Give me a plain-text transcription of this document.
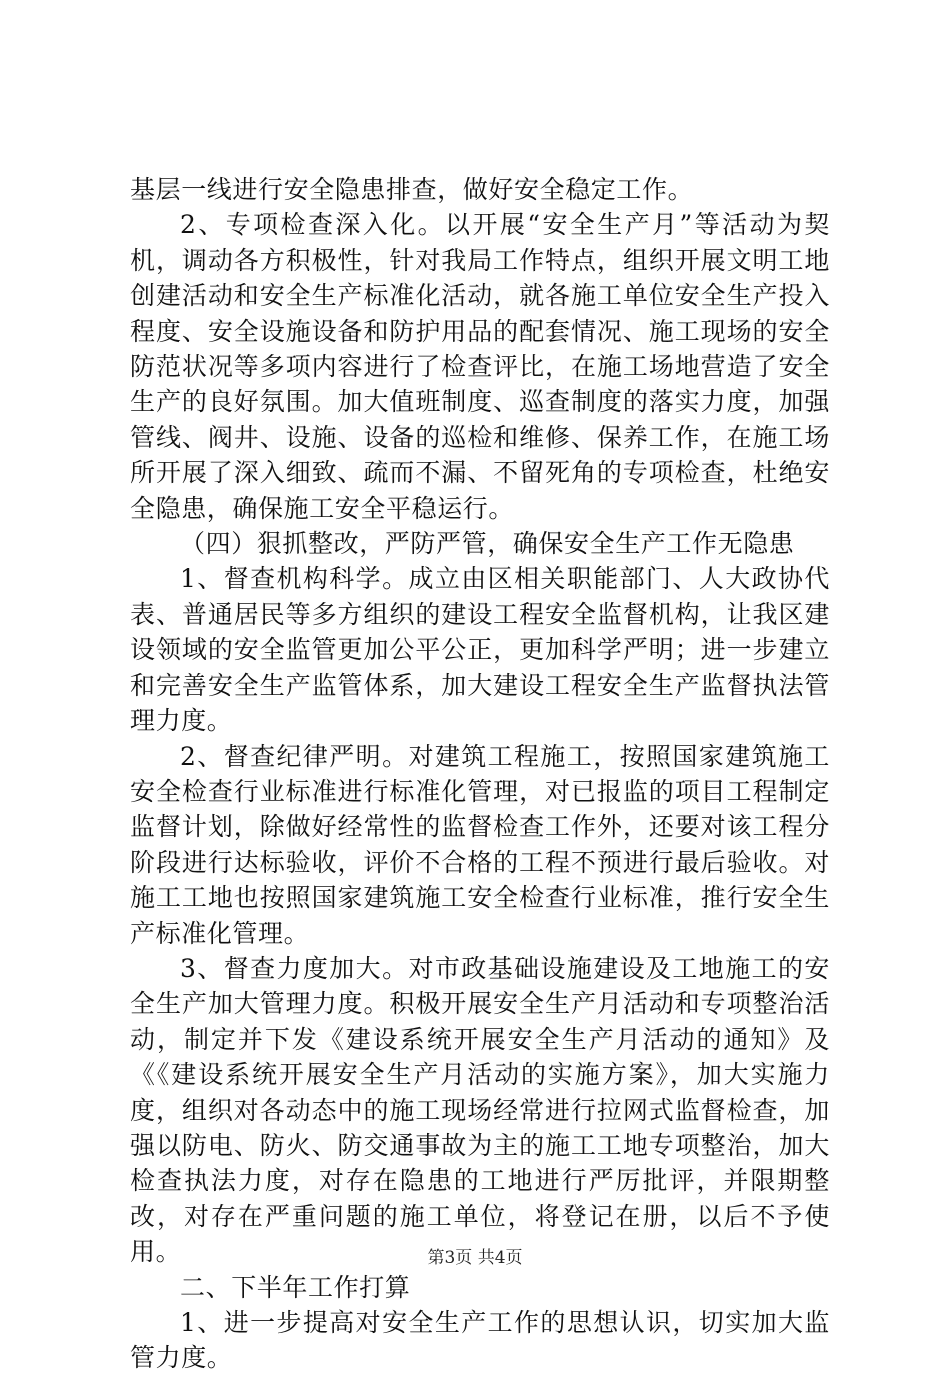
基层一线进行安全隐患排查，做好安全稳定工作。

2、专项检查深入化。以开展“安全生产月”等活动为契机，调动各方积极性，针对我局工作特点，组织开展文明工地创建活动和安全生产标准化活动，就各施工单位安全生产投入程度、安全设施设备和防护用品的配套情况、施工现场的安全防范状况等多项内容进行了检查评比，在施工场地营造了安全生产的良好氛围。加大值班制度、巡查制度的落实力度，加强管线、阀井、设施、设备的巡检和维修、保养工作，在施工场所开展了深入细致、疏而不漏、不留死角的专项检查，杜绝安全隐患，确保施工安全平稳运行。

（四）狠抓整改，严防严管，确保安全生产工作无隐患

1、督查机构科学。成立由区相关职能部门、人大政协代表、普通居民等多方组织的建设工程安全监督机构，让我区建设领域的安全监管更加公平公正，更加科学严明；进一步建立和完善安全生产监管体系，加大建设工程安全生产监督执法管理力度。

2、督查纪律严明。对建筑工程施工，按照国家建筑施工安全检查行业标准进行标准化管理，对已报监的项目工程制定监督计划，除做好经常性的监督检查工作外，还要对该工程分阶段进行达标验收，评价不合格的工程不预进行最后验收。对施工工地也按照国家建筑施工安全检查行业标准，推行安全生产标准化管理。

3、督查力度加大。对市政基础设施建设及工地施工的安全生产加大管理力度。积极开展安全生产月活动和专项整治活动，制定并下发《建设系统开展安全生产月活动的通知》及《《建设系统开展安全生产月活动的实施方案》，加大实施力度，组织对各动态中的施工现场经常进行拉网式监督检查，加强以防电、防火、防交通事故为主的施工工地专项整治，加大检查执法力度，对存在隐患的工地进行严厉批评，并限期整改，对存在严重问题的施工单位，将登记在册，以后不予使用。

二、下半年工作打算

1、进一步提高对安全生产工作的思想认识，切实加大监管力度。

第3页 共4页
